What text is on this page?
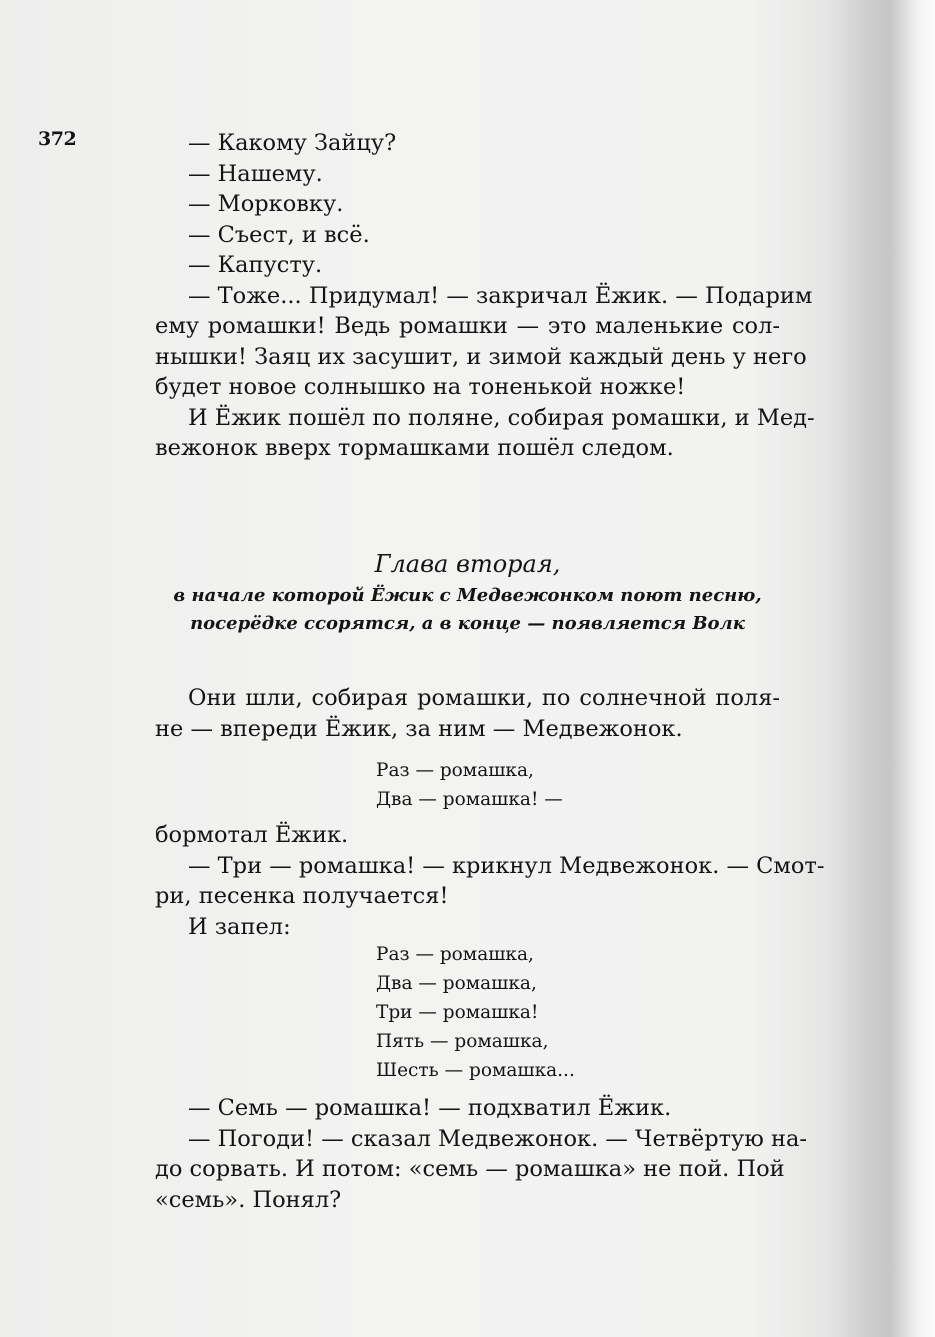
372	— Какому Зайцу?
— Нашему.
— Морковку.
— Съест, и всё.
— Капусту.
— Тоже... Придумал! — закричал Ёжик. — Подарим
ему ромашки! Ведь ромашки — это маленькие сол-
нышки! Заяц их засушит, и зимой каждый день у него
будет новое солнышко на тоненькой ножке!
И Ёжик пошёл по поляне, собирая ромашки, и Мед-
вежонок вверх тормашками пошёл следом.
Глава вторая,
в начале которой Ёжик с Медвежонком поют песню,
посерёдке ссорятся, а в конце — появляется Волк
Они шли, собирая ромашки, по солнечной поля-
не — впереди Ёжик, за ним — Медвежонок.
Раз — ромашка,
Два — ромашка! —
бормотал Ёжик.
— Три — ромашка! — крикнул Медвежонок. — Смот-
ри, песенка получается!
И запел:
Раз — ромашка,
Два — ромашка,
Три — ромашка!
Пять — ромашка,
Шесть — ромашка...
— Семь — ромашка! — подхватил Ёжик.
— Погоди! — сказал Медвежонок. — Четвёртую на-
до сорвать. И потом: «семь — ромашка» не пой. Пой
«семь». Понял?
